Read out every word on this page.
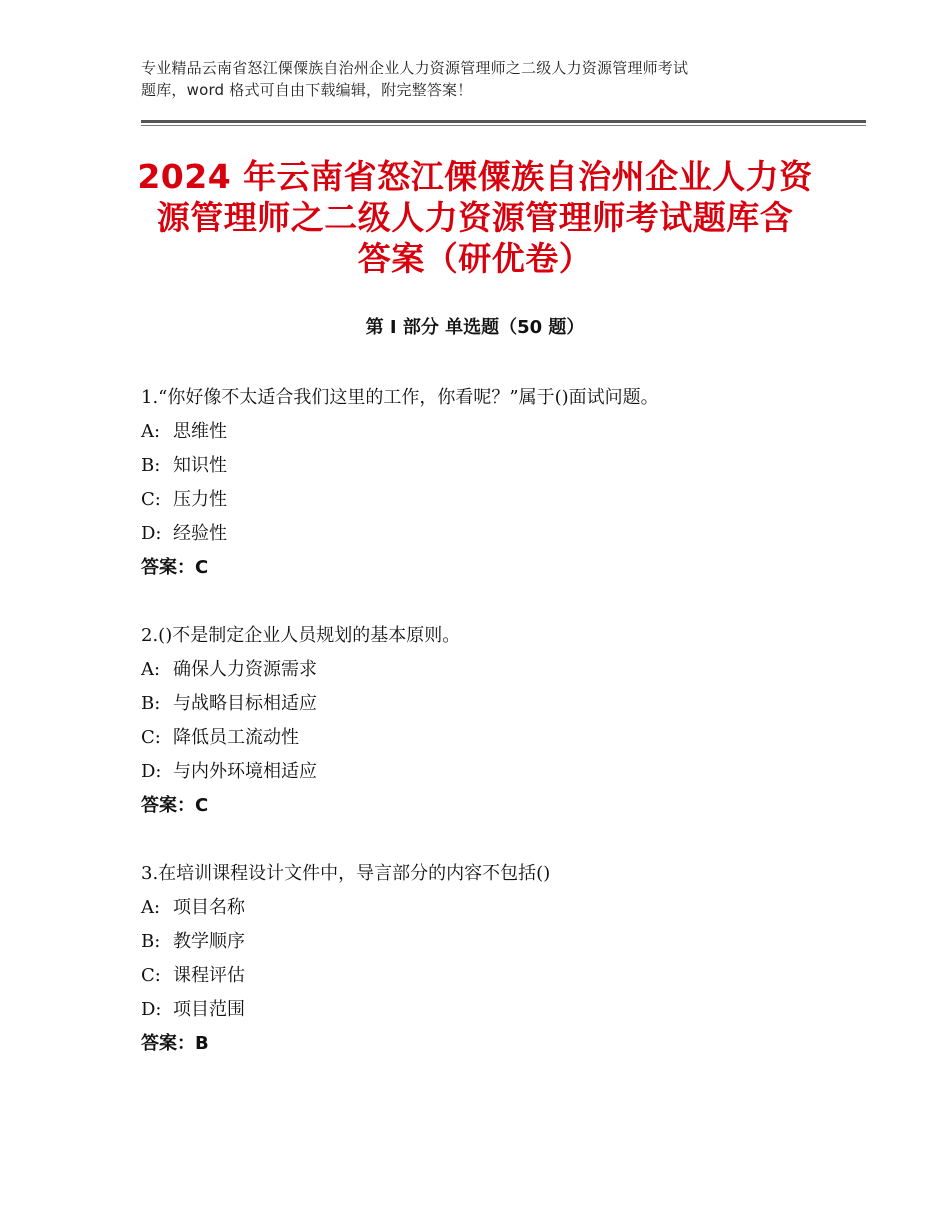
专业精品云南省怒江傈僳族自治州企业人力资源管理师之二级人力资源管理师考试
题库，word 格式可自由下载编辑，附完整答案！
2024 年云南省怒江傈僳族自治州企业人力资
源管理师之二级人力资源管理师考试题库含
答案（研优卷）
第 I 部分 单选题（50 题）
1.“你好像不太适合我们这里的工作，你看呢？”属于()面试问题。
A: 思维性
B: 知识性
C: 压力性
D: 经验性
答案：C
2.()不是制定企业人员规划的基本原则。
A: 确保人力资源需求
B: 与战略目标相适应
C: 降低员工流动性
D: 与内外环境相适应
答案：C
3.在培训课程设计文件中，导言部分的内容不包括()
A: 项目名称
B: 教学顺序
C: 课程评估
D: 项目范围
答案：B
